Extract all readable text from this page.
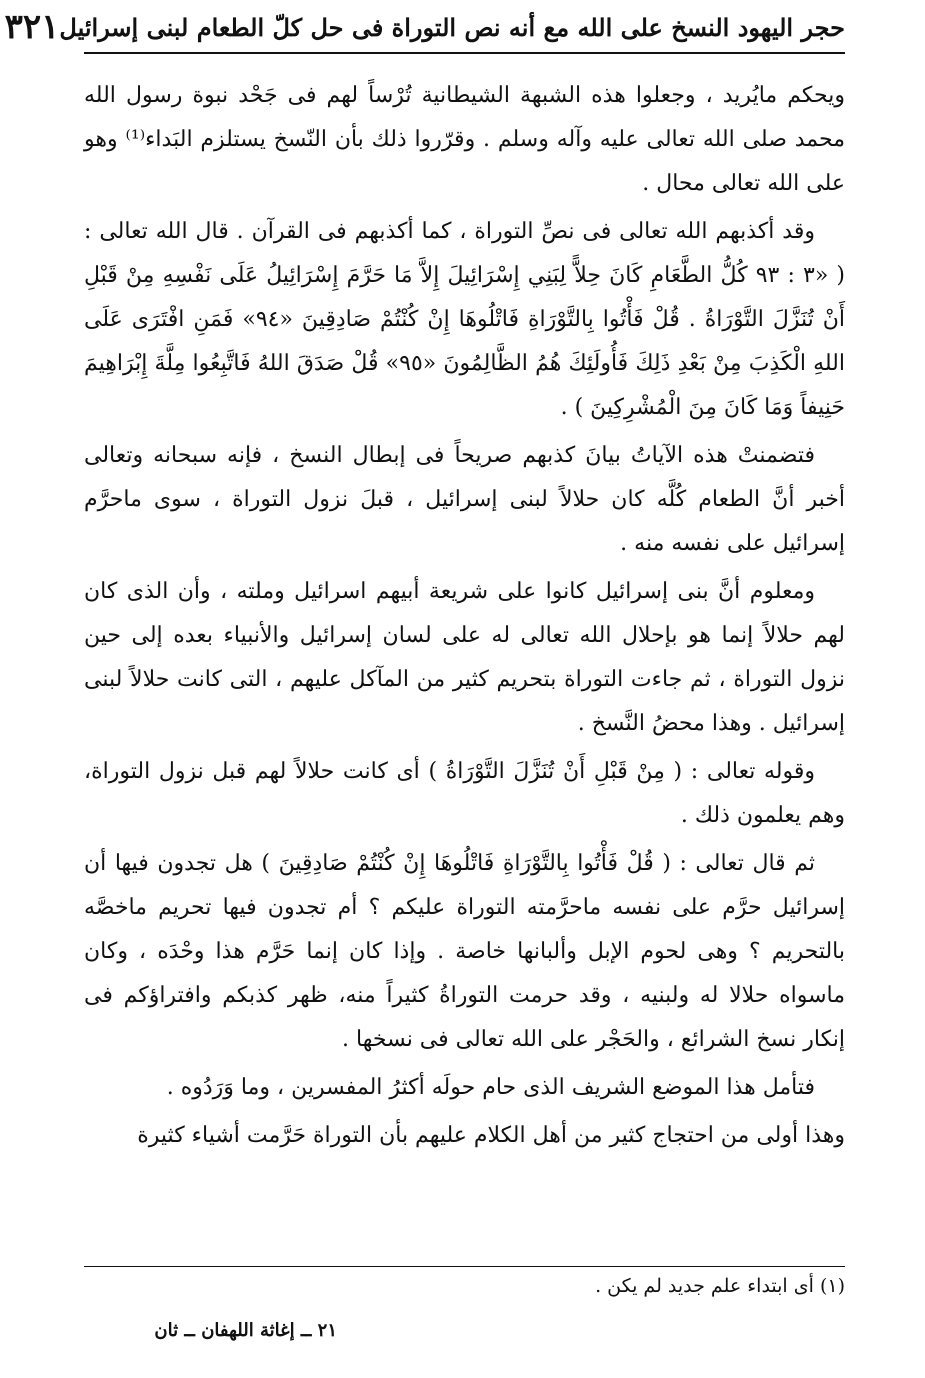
حجر اليهود النسخ على الله مع أنه نص التوراة فى حل كلّ الطعام لبنى إسرائيل
٣٢١

ويحكم مايُريد ، وجعلوا هذه الشبهة الشيطانية تُرْساً لهم فى جَحْد نبوة رسول الله محمد صلى الله تعالى عليه وآله وسلم . وقرّروا ذلك بأن النّسخ يستلزم البَداء⁽¹⁾ وهو على الله تعالى محال .

وقد أكذبهم الله تعالى فى نصِّ التوراة ، كما أكذبهم فى القرآن . قال الله تعالى : ( «٣ : ٩٣ كُلُّ الطَّعَامِ كَانَ حِلاًّ لِبَنِي إِسْرَائِيلَ إِلاَّ مَا حَرَّمَ إِسْرَائِيلُ عَلَى نَفْسِهِ مِنْ قَبْلِ أَنْ تُنَزَّلَ التَّوْرَاةُ . قُلْ فَأْتُوا بِالتَّوْرَاةِ فَاتْلُوهَا إِنْ كُنْتُمْ صَادِقِينَ «٩٤» فَمَنِ افْتَرَى عَلَى اللهِ الْكَذِبَ مِنْ بَعْدِ ذَلِكَ فَأُولَئِكَ هُمُ الظَّالِمُونَ «٩٥» قُلْ صَدَقَ اللهُ فَاتَّبِعُوا مِلَّةَ إِبْرَاهِيمَ حَنِيفاً وَمَا كَانَ مِنَ الْمُشْرِكِينَ ) .

فتضمنتْ هذه الآياتُ بيانَ كذبهم صريحاً فى إبطال النسخ ، فإنه سبحانه وتعالى أخبر أنَّ الطعام كُلَّه كان حلالاً لبنى إسرائيل ، قبلَ نزول التوراة ، سوى ماحرَّم إسرائيل على نفسه منه .

ومعلوم أنَّ بنى إسرائيل كانوا على شريعة أبيهم اسرائيل وملته ، وأن الذى كان لهم حلالاً إنما هو بإحلال الله تعالى له على لسان إسرائيل والأنبياء بعده إلى حين نزول التوراة ، ثم جاءت التوراة بتحريم كثير من المآكل عليهم ، التى كانت حلالاً لبنى إسرائيل . وهذا محضُ النَّسخ .

وقوله تعالى : ( مِنْ قَبْلِ أَنْ تُنَزَّلَ التَّوْرَاةُ ) أى كانت حلالاً لهم قبل نزول التوراة، وهم يعلمون ذلك .

ثم قال تعالى : ( قُلْ فَأْتُوا بِالتَّوْرَاةِ فَاتْلُوهَا إِنْ كُنْتُمْ صَادِقِينَ ) هل تجدون فيها أن إسرائيل حرَّم على نفسه ماحرَّمته التوراة عليكم ؟ أم تجدون فيها تحريم ماخصَّه بالتحريم ؟ وهى لحوم الإبل وألبانها خاصة . وإذا كان إنما حَرَّم هذا وحْدَه ، وكان ماسواه حلالا له ولبنيه ، وقد حرمت التوراةُ كثيراً منه، ظهر كذبكم وافتراؤكم فى إنكار نسخ الشرائع ، والحَجْر على الله تعالى فى نسخها .

فتأمل هذا الموضع الشريف الذى حام حولَه أكثرُ المفسرين ، وما وَرَدُوه .

وهذا أولى من احتجاج كثير من أهل الكلام عليهم بأن التوراة حَرَّمت أشياء كثيرة

(١) أى ابتداء علم جديد لم يكن .
٢١ ــ إغاثة اللهفان ــ ثان
